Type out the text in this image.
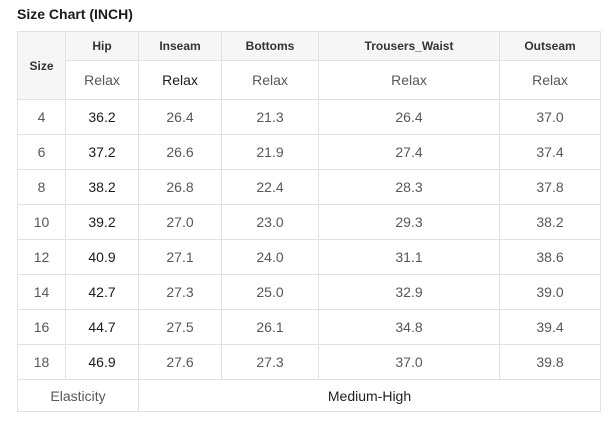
Size Chart (INCH)
Size	Hip	Inseam	Bottoms	Trousers_Waist	Outseam
	Relax	Relax	Relax	Relax	Relax
4	36.2	26.4	21.3	26.4	37.0
6	37.2	26.6	21.9	27.4	37.4
8	38.2	26.8	22.4	28.3	37.8
10	39.2	27.0	23.0	29.3	38.2
12	40.9	27.1	24.0	31.1	38.6
14	42.7	27.3	25.0	32.9	39.0
16	44.7	27.5	26.1	34.8	39.4
18	46.9	27.6	27.3	37.0	39.8
Elasticity		Medium-High			
